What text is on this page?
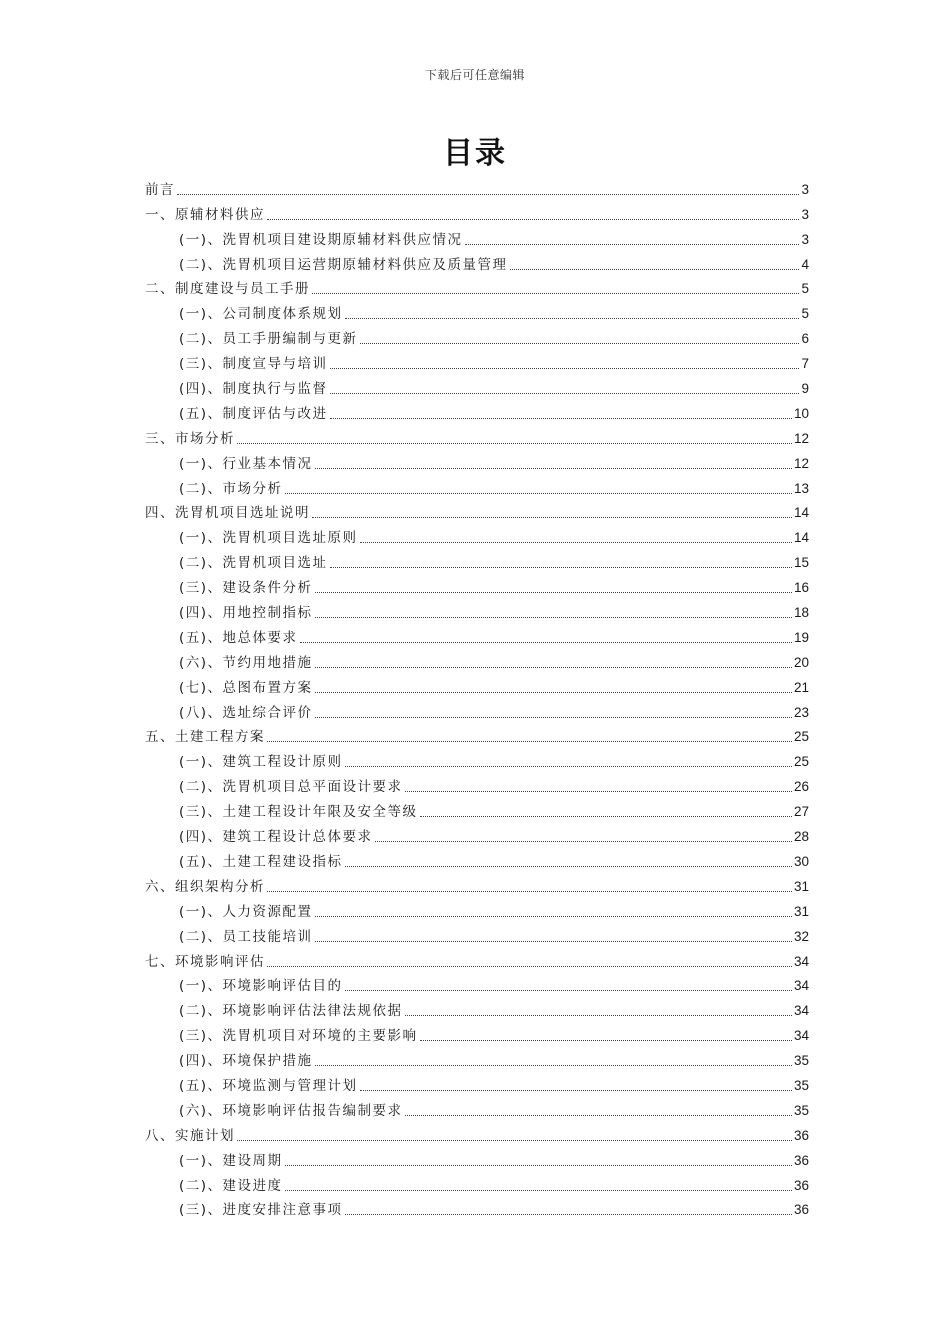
下载后可任意编辑
目录
前言	3
一、原辅材料供应	3
(一)、洗胃机项目建设期原辅材料供应情况	3
(二)、洗胃机项目运营期原辅材料供应及质量管理	4
二、制度建设与员工手册	5
(一)、公司制度体系规划	5
(二)、员工手册编制与更新	6
(三)、制度宣导与培训	7
(四)、制度执行与监督	9
(五)、制度评估与改进	10
三、市场分析	12
(一)、行业基本情况	12
(二)、市场分析	13
四、洗胃机项目选址说明	14
(一)、洗胃机项目选址原则	14
(二)、洗胃机项目选址	15
(三)、建设条件分析	16
(四)、用地控制指标	18
(五)、地总体要求	19
(六)、节约用地措施	20
(七)、总图布置方案	21
(八)、选址综合评价	23
五、土建工程方案	25
(一)、建筑工程设计原则	25
(二)、洗胃机项目总平面设计要求	26
(三)、土建工程设计年限及安全等级	27
(四)、建筑工程设计总体要求	28
(五)、土建工程建设指标	30
六、组织架构分析	31
(一)、人力资源配置	31
(二)、员工技能培训	32
七、环境影响评估	34
(一)、环境影响评估目的	34
(二)、环境影响评估法律法规依据	34
(三)、洗胃机项目对环境的主要影响	34
(四)、环境保护措施	35
(五)、环境监测与管理计划	35
(六)、环境影响评估报告编制要求	35
八、实施计划	36
(一)、建设周期	36
(二)、建设进度	36
(三)、进度安排注意事项	36
